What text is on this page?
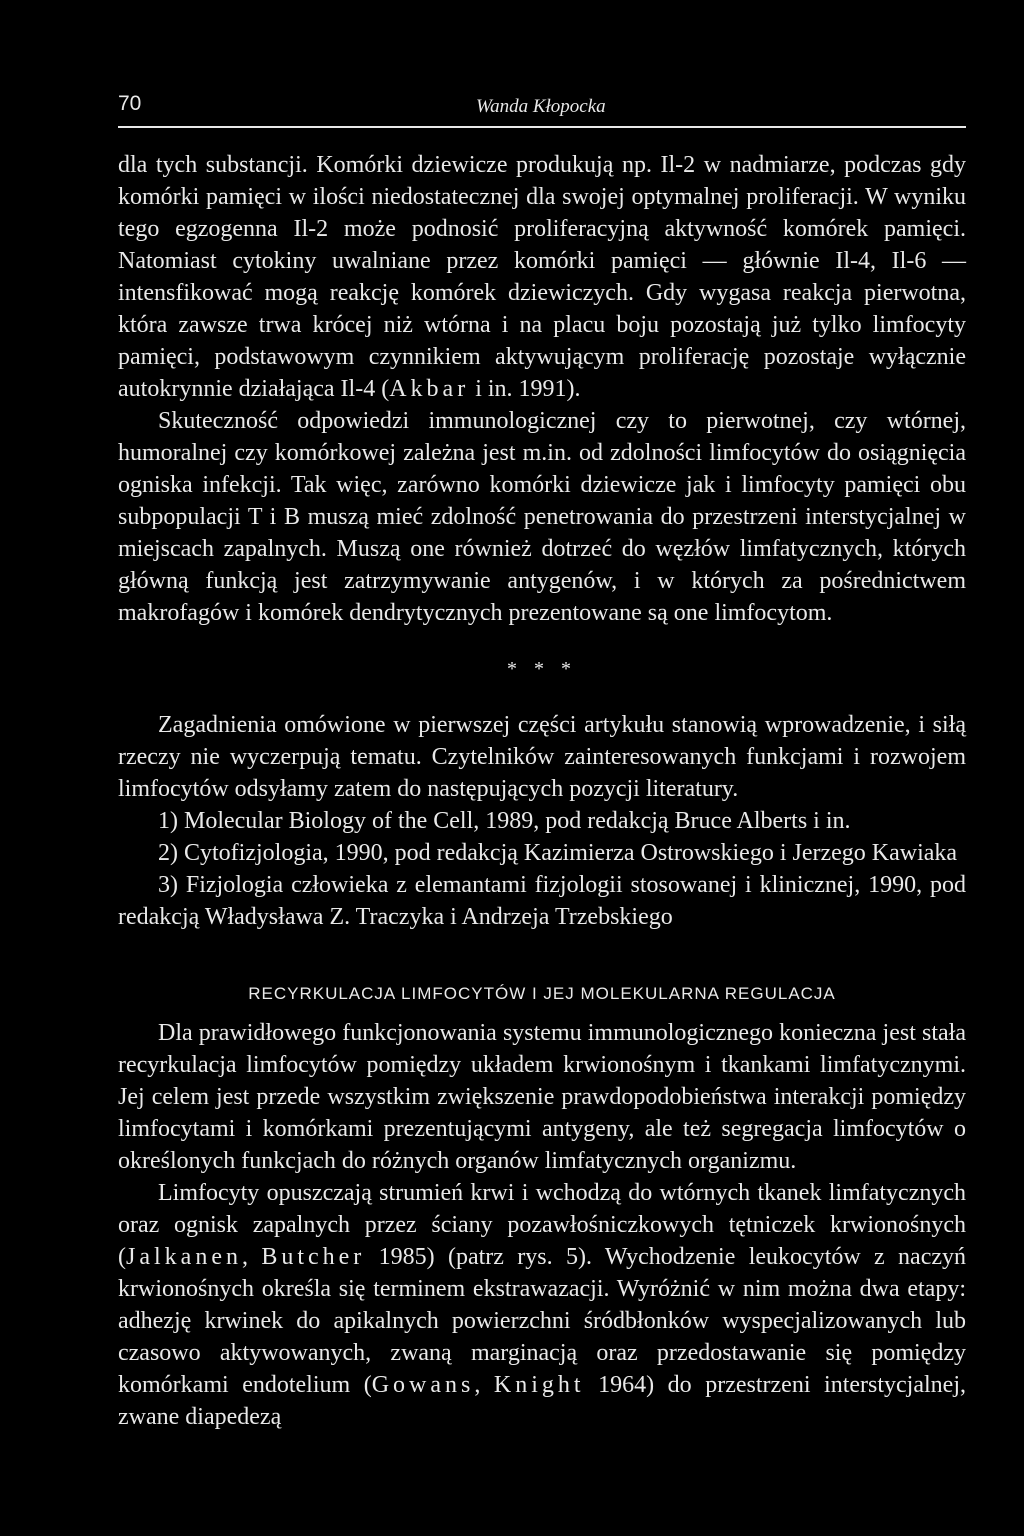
70	Wanda Kłopocka

dla tych substancji. Komórki dziewicze produkują np. Il-2 w nadmiarze, podczas gdy komórki pamięci w ilości niedostatecznej dla swojej optymalnej proliferacji. W wyniku tego egzogenna Il-2 może podnosić proliferacyjną aktywność komórek pamięci. Natomiast cytokiny uwalniane przez komórki pamięci — głównie Il-4, Il-6 — intensfikować mogą reakcję komórek dziewiczych. Gdy wygasa reakcja pierwotna, która zawsze trwa krócej niż wtórna i na placu boju pozostają już tylko limfocyty pamięci, podstawowym czynnikiem aktywującym proliferację pozostaje wyłącznie autokrynnie działająca Il-4 (Akbar i in. 1991).

Skuteczność odpowiedzi immunologicznej czy to pierwotnej, czy wtórnej, humoralnej czy komórkowej zależna jest m.in. od zdolności limfocytów do osiągnięcia ogniska infekcji. Tak więc, zarówno komórki dziewicze jak i limfocyty pamięci obu subpopulacji T i B muszą mieć zdolność penetrowania do przestrzeni interstycjalnej w miejscach zapalnych. Muszą one również dotrzeć do węzłów limfatycznych, których główną funkcją jest zatrzymywanie antygenów, i w których za pośrednictwem makrofagów i komórek dendrytycznych prezentowane są one limfocytom.

* * *

Zagadnienia omówione w pierwszej części artykułu stanowią wprowadzenie, i siłą rzeczy nie wyczerpują tematu. Czytelników zainteresowanych funkcjami i rozwojem limfocytów odsyłamy zatem do następujących pozycji literatury.

1) Molecular Biology of the Cell, 1989, pod redakcją Bruce Alberts i in.

2) Cytofizjologia, 1990, pod redakcją Kazimierza Ostrowskiego i Jerzego Kawiaka

3) Fizjologia człowieka z elemantami fizjologii stosowanej i klinicznej, 1990, pod redakcją Władysława Z. Traczyka i Andrzeja Trzebskiego

RECYRKULACJA LIMFOCYTÓW I JEJ MOLEKULARNA REGULACJA

Dla prawidłowego funkcjonowania systemu immunologicznego konieczna jest stała recyrkulacja limfocytów pomiędzy układem krwionośnym i tkankami limfatycznymi. Jej celem jest przede wszystkim zwiększenie prawdopodobieństwa interakcji pomiędzy limfocytami i komórkami prezentującymi antygeny, ale też segregacja limfocytów o określonych funkcjach do różnych organów limfatycznych organizmu.

Limfocyty opuszczają strumień krwi i wchodzą do wtórnych tkanek limfatycznych oraz ognisk zapalnych przez ściany pozawłośniczkowych tętniczek krwionośnych (Jalkanen, Butcher 1985) (patrz rys. 5). Wychodzenie leukocytów z naczyń krwionośnych określa się terminem ekstrawazacji. Wyróżnić w nim można dwa etapy: adhezję krwinek do apikalnych powierzchni śródbłonków wyspecjalizowanych lub czasowo aktywowanych, zwaną marginacją oraz przedostawanie się pomiędzy komórkami endotelium (Gowans, Knight 1964) do przestrzeni interstycjalnej, zwane diapedezą
